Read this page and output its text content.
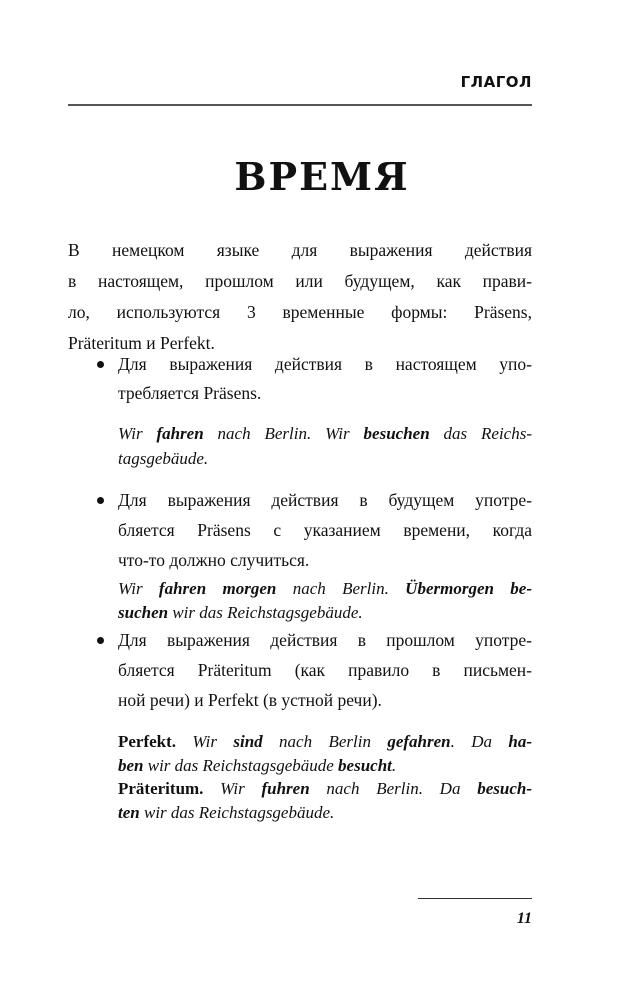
ГЛАГОЛ
ВРЕМЯ
В немецком языке для выражения действия
в настоящем, прошлом или будущем, как прави-
ло, используются 3 временные формы: Präsens,
Präteritum и Perfekt.
Для выражения действия в настоящем упо-
требляется Präsens.
Wir fahren nach Berlin. Wir besuchen das Reichs-
tagsgebäude.
Для выражения действия в будущем употре-
бляется Präsens с указанием времени, когда
что-то должно случиться.
Wir fahren morgen nach Berlin. Übermorgen be-
suchen wir das Reichstagsgebäude.
Для выражения действия в прошлом употре-
бляется Präteritum (как правило в письмен-
ной речи) и Perfekt (в устной речи).
Perfekt. Wir sind nach Berlin gefahren. Da ha-
ben wir das Reichstagsgebäude besucht.
Präteritum. Wir fuhren nach Berlin. Da besuch-
ten wir das Reichstagsgebäude.
11
